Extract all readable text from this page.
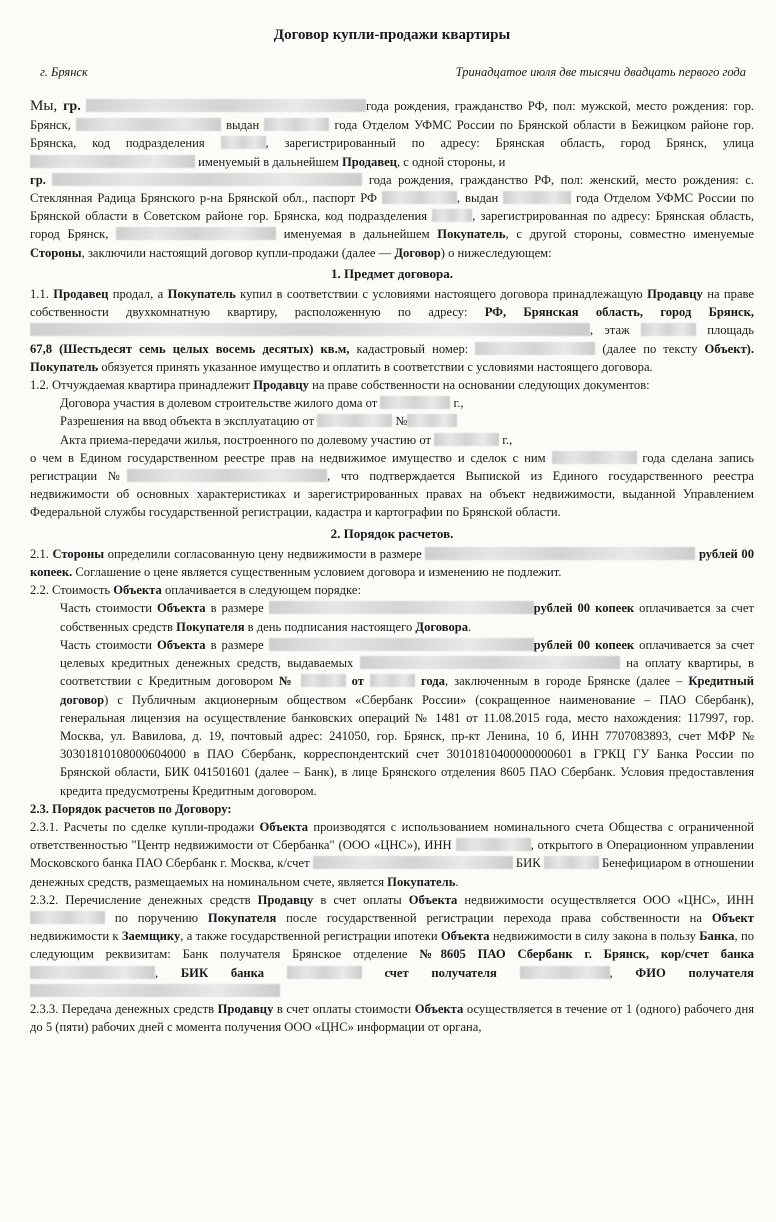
Договор купли-продажи квартиры
г. Брянск	Тринадцатое июля две тысячи двадцать первого года

Мы, гр.	года рождения, гражданство РФ, пол: мужской, место рождения: гор. Брянск,	выдан	года Отделом УФМС России по Брянской области в Бежицком районе гор. Брянска, код подразделения	, зарегистрированный по адресу: Брянская область, город Брянск, улица  именуемый в дальнейшем Продавец, с одной стороны, и

гр.	года рождения, гражданство РФ, пол: женский, место рождения: с. Стеклянная Радица Брянского р-на Брянской обл., паспорт РФ	, выдан	года Отделом УФМС России по Брянской области в Советском районе гор. Брянска, код подразделения	, зарегистрированная по адресу: Брянская область, город Брянск,	именуемая в дальнейшем Покупатель, с другой стороны, совместно именуемые Стороны, заключили настоящий договор купли-продажи (далее — Договор) о нижеследующем:

1. Предмет договора.

1.1. Продавец продал, а Покупатель купил в соответствии с условиями настоящего договора принадлежащую Продавцу на праве собственности двухкомнатную квартиру, расположенную по адресу: РФ, Брянская область, город Брянск, , этаж	площадь 67,8 (Шестьдесят семь целых восемь десятых) кв.м, кадастровый номер:	(далее по тексту Объект). Покупатель обязуется принять указанное имущество и оплатить в соответствии с условиями настоящего договора.

1.2. Отчуждаемая квартира принадлежит Продавцу на праве собственности на основании следующих документов:

Договора участия в долевом строительстве жилого дома от	г.,

Разрешения на ввод объекта в эксплуатацию от	№

Акта приема-передачи жилья, построенного по долевому участию от	г.,

о чем в Едином государственном реестре прав на недвижимое имущество и сделок с ним	года сделана запись регистрации №	, что подтверждается Выпиской из Единого государственного реестра недвижимости об основных характеристиках и зарегистрированных правах на объект недвижимости, выданной Управлением Федеральной службы государственной регистрации, кадастра и картографии по Брянской области.

2. Порядок расчетов.

2.1. Стороны определили согласованную цену недвижимости в размере	рублей 00 копеек. Соглашение о цене является существенным условием договора и изменению не подлежит.

2.2. Стоимость Объекта оплачивается в следующем порядке:

Часть стоимости Объекта в размере	рублей 00 копеек оплачивается за счет собственных средств Покупателя в день подписания настоящего Договора.

Часть стоимости Объекта в размере	рублей 00 копеек оплачивается за счет целевых кредитных денежных средств, выдаваемых	на оплату квартиры, в соответствии с Кредитным договором №	от	года, заключенным в городе Брянске (далее – Кредитный договор) с Публичным акционерным обществом «Сбербанк России» (сокращенное наименование – ПАО Сбербанк), генеральная лицензия на осуществление банковских операций № 1481 от 11.08.2015 года, место нахождения: 117997, гор. Москва, ул. Вавилова, д. 19, почтовый адрес: 241050, гор. Брянск, пр-кт Ленина, 10 б, ИНН 7707083893, счет МФР № 30301810108000604000 в ПАО Сбербанк, корреспондентский счет 30101810400000000601 в ГРКЦ ГУ Банка России по Брянской области, БИК 041501601 (далее – Банк), в лице Брянского отделения 8605 ПАО Сбербанк. Условия предоставления кредита предусмотрены Кредитным договором.

2.3. Порядок расчетов по Договору:

2.3.1. Расчеты по сделке купли-продажи Объекта производятся с использованием номинального счета Общества с ограниченной ответственностью "Центр недвижимости от Сбербанка" (ООО «ЦНС»), ИНН	, открытого в Операционном управлении Московского банка ПАО Сбербанк г. Москва, к/счет	БИК	Бенефициаром в отношении денежных средств, размещаемых на номинальном счете, является Покупатель.

2.3.2. Перечисление денежных средств Продавцу в счет оплаты Объекта недвижимости осуществляется ООО «ЦНС», ИНН  по поручению Покупателя после государственной регистрации перехода права собственности на Объект недвижимости к Заемщику, а также государственной регистрации ипотеки Объекта недвижимости в силу закона в пользу Банка, по следующим реквизитам: Банк получателя Брянское отделение №8605 ПАО Сбербанк г. Брянск, кор/счет банка , БИК банка	счет получателя	, ФИО получателя

2.3.3. Передача денежных средств Продавцу в счет оплаты стоимости Объекта осуществляется в течение от 1 (одного) рабочего дня до 5 (пяти) рабочих дней с момента получения ООО «ЦНС» информации от органа,
